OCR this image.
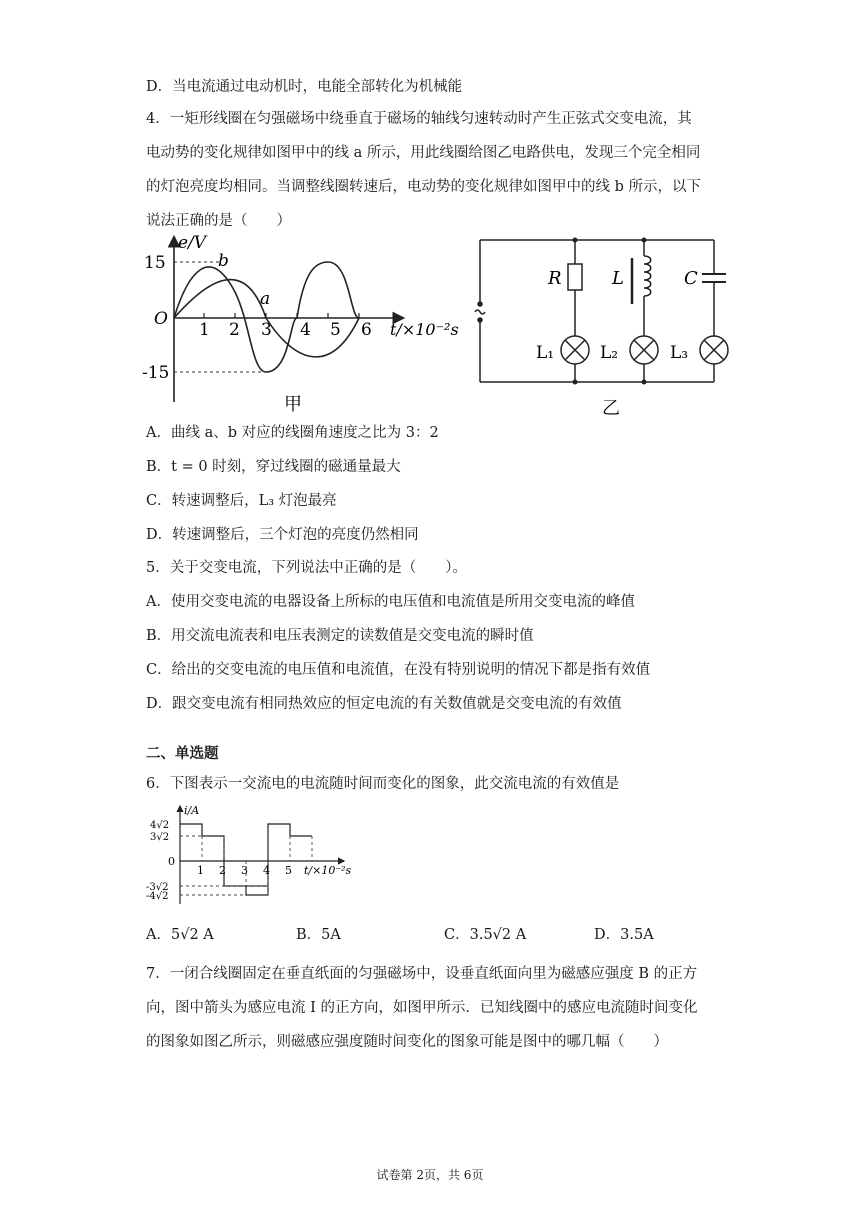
D．当电流通过电动机时，电能全部转化为机械能
4．一矩形线圈在匀强磁场中绕垂直于磁场的轴线匀速转动时产生正弦式交变电流，其
电动势的变化规律如图甲中的线 a 所示，用此线圈给图乙电路供电，发现三个完全相同
的灯泡亮度均相同。当调整线圈转速后，电动势的变化规律如图甲中的线 b 所示，以下
说法正确的是（　　）
e/V
15
-15
O
b
a
1 2 3 4 5 6 t/×10⁻²s
甲
R	L	C
L₁	L₂	L₃
乙
A．曲线 a、b 对应的线圈角速度之比为 3：2
B．t = 0 时刻，穿过线圈的磁通量最大
C．转速调整后，L₃ 灯泡最亮
D．转速调整后，三个灯泡的亮度仍然相同
5．关于交变电流，下列说法中正确的是（　　）。
A．使用交变电流的电器设备上所标的电压值和电流值是所用交变电流的峰值
B．用交流电流表和电压表测定的读数值是交变电流的瞬时值
C．给出的交变电流的电压值和电流值，在没有特别说明的情况下都是指有效值
D．跟交变电流有相同热效应的恒定电流的有关数值就是交变电流的有效值
二、单选题
6．下图表示一交流电的电流随时间而变化的图象，此交流电流的有效值是
i/A
4√2
3√2
0
-3√2
-4√2
1 2 3 4 5 t/×10⁻²s
A．5√2 A	B．5A	C．3.5√2 A	D．3.5A
7．一闭合线圈固定在垂直纸面的匀强磁场中，设垂直纸面向里为磁感应强度 B 的正方
向，图中箭头为感应电流 I 的正方向，如图甲所示．已知线圈中的感应电流随时间变化
的图象如图乙所示，则磁感应强度随时间变化的图象可能是图中的哪几幅（　　）
试卷第 2页，共 6页
